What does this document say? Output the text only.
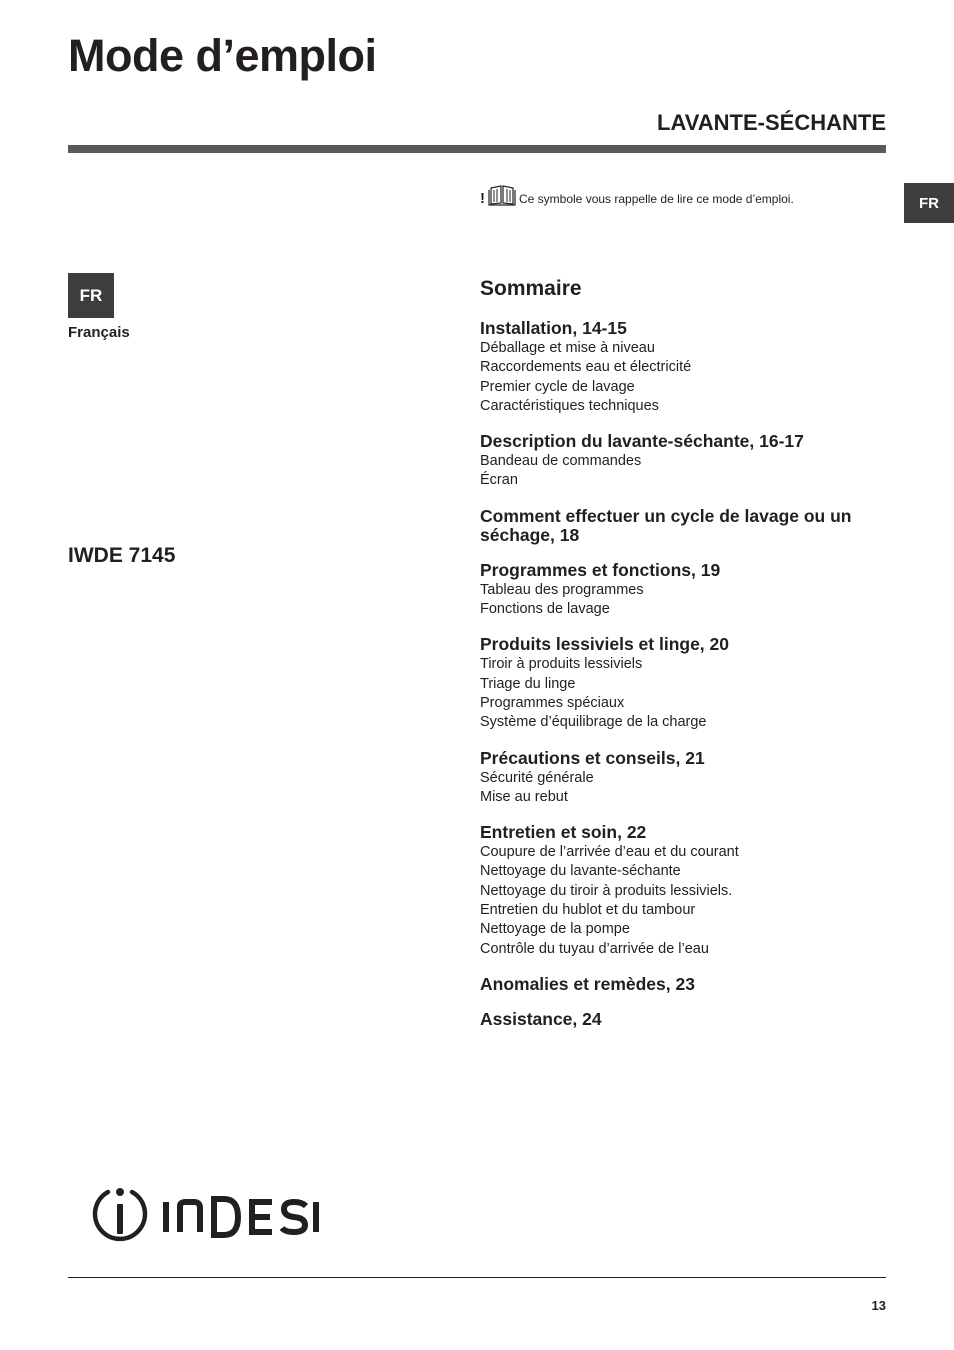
Mode d’emploi
LAVANTE-SÉCHANTE
FR
!	Ce symbole vous rappelle de lire ce mode d’emploi.
FR
Français
IWDE 7145
Sommaire
Installation, 14-15
Déballage et mise à niveau
Raccordements eau et électricité
Premier cycle de lavage
Caractéristiques techniques
Description du lavante-séchante, 16-17
Bandeau de commandes
Écran
Comment effectuer un cycle de lavage ou un séchage, 18
Programmes et fonctions, 19
Tableau des programmes
Fonctions de lavage
Produits lessiviels et linge, 20
Tiroir à produits lessiviels
Triage du linge
Programmes spéciaux
Système d’équilibrage de la charge
Précautions et conseils, 21
Sécurité générale
Mise au rebut
Entretien et soin, 22
Coupure de l’arrivée d’eau et du courant
Nettoyage du lavante-séchante
Nettoyage du tiroir à produits lessiviels.
Entretien du hublot et du tambour
Nettoyage de la pompe
Contrôle du tuyau d’arrivée de l’eau
Anomalies et remèdes, 23
Assistance, 24
13
